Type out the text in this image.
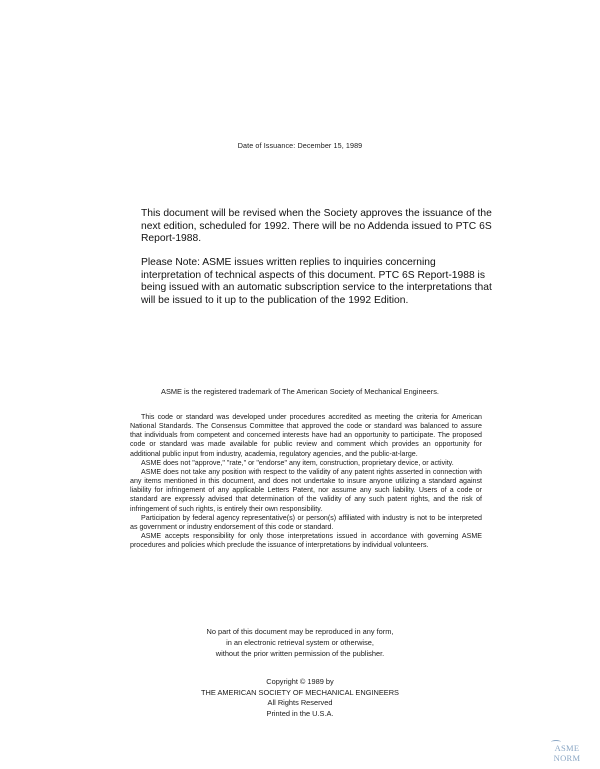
Date of Issuance: December 15, 1989
This document will be revised when the Society approves the issuance of the next edition, scheduled for 1992. There will be no Addenda issued to PTC 6S Report-1988.
Please Note: ASME issues written replies to inquiries concerning interpretation of technical aspects of this document. PTC 6S Report-1988 is being issued with an automatic subscription service to the interpretations that will be issued to it up to the publication of the 1992 Edition.
ASME is the registered trademark of The American Society of Mechanical Engineers.

This code or standard was developed under procedures accredited as meeting the criteria for American National Standards. The Consensus Committee that approved the code or standard was balanced to assure that individuals from competent and concerned interests have had an opportunity to participate. The proposed code or standard was made available for public review and comment which provides an opportunity for additional public input from industry, academia, regulatory agencies, and the public-at-large.

ASME does not "approve," "rate," or "endorse" any item, construction, proprietary device, or activity.

ASME does not take any position with respect to the validity of any patent rights asserted in connection with any items mentioned in this document, and does not undertake to insure anyone utilizing a standard against liability for infringement of any applicable Letters Patent, nor assume any such liability. Users of a code or standard are expressly advised that determination of the validity of any such patent rights, and the risk of infringement of such rights, is entirely their own responsibility.

Participation by federal agency representative(s) or person(s) affiliated with industry is not to be interpreted as government or industry endorsement of this code or standard.

ASME accepts responsibility for only those interpretations issued in accordance with governing ASME procedures and policies which preclude the issuance of interpretations by individual volunteers.

No part of this document may be reproduced in any form,
in an electronic retrieval system or otherwise,
without the prior written permission of the publisher.
Copyright © 1989 by
THE AMERICAN SOCIETY OF MECHANICAL ENGINEERS
All Rights Reserved
Printed in the U.S.A.
ASME NORM
